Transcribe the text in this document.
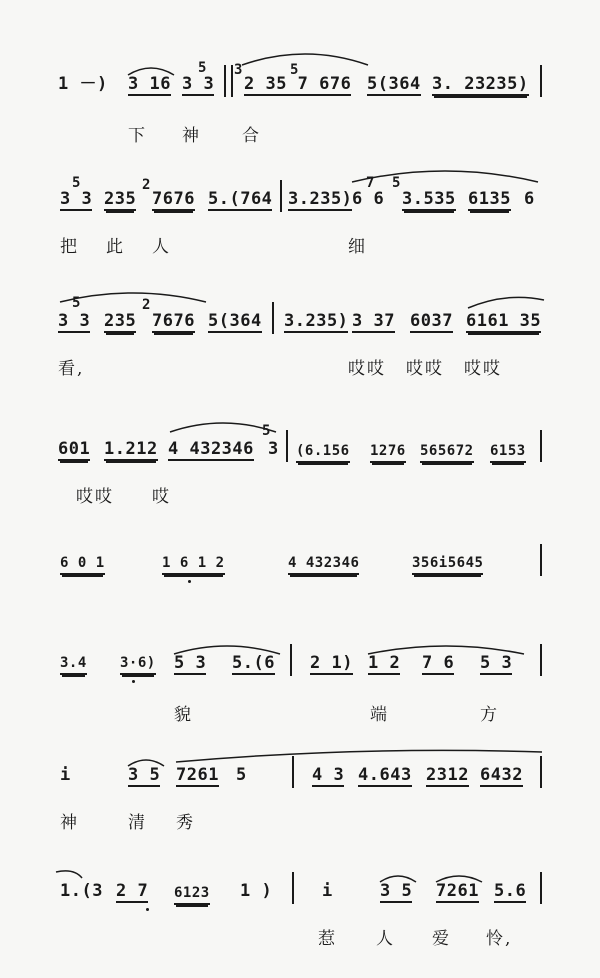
1 －) 3 16 3 3
5 3
2 35 7 676
5
5(364 3. 23235)
下 神 合
5
3 3 235
2
7676 5.(764 3.235)
7
6 6
5
3.535 6135 6
把 此 人	细
5
3 3 235
2
7676 5(364 3.235) 3 37 6037 6161 35
看,	哎哎 哎哎 哎哎
601 1.212 4 432346
5
3 (6.156 1276 565672 6153
哎哎 哎
6 0 1	1 6 1 2	4 432346	356i5645
3.4 3·6) 5 3 5.(6 2 1) 1 2 7 6 5 3
貌	端	方
i	3 5 7261 5	4 3 4.643 2312 6432
神	清 秀
1.(3 2 7 6123 1 )	i	3 5 7261 5.6
惹 人 爱 怜,
